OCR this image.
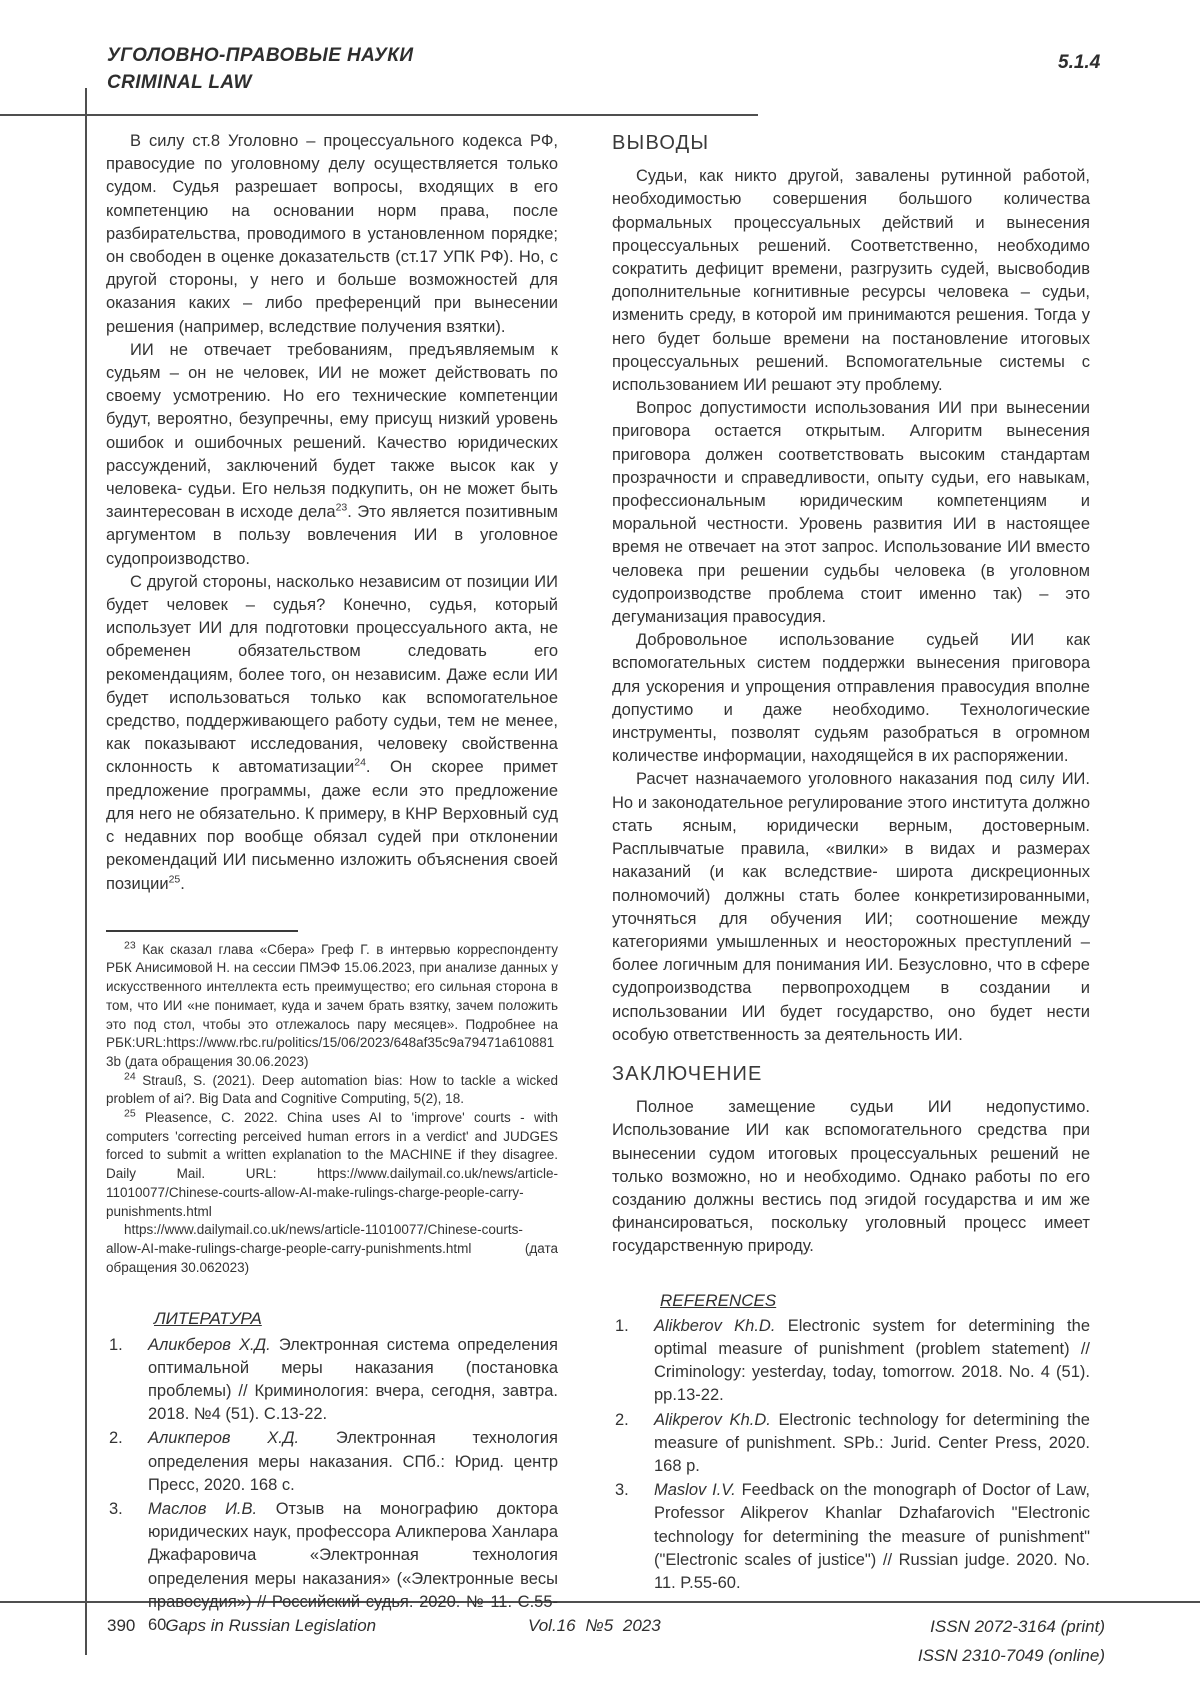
УГОЛОВНО-ПРАВОВЫЕ НАУКИ
CRIMINAL LAW
5.1.4

В силу ст.8 Уголовно – процессуального кодекса РФ, правосудие по уголовному делу осуществляется только судом. Судья разрешает вопросы, входящих в его компетенцию на основании норм права, после разбирательства, проводимого в установленном порядке; он свободен в оценке доказательств (ст.17 УПК РФ). Но, с другой стороны, у него и больше возможностей для оказания каких – либо преференций при вынесении решения (например, вследствие получения взятки).

ИИ не отвечает требованиям, предъявляемым к судьям – он не человек, ИИ не может действовать по своему усмотрению. Но его технические компетенции будут, вероятно, безупречны, ему присущ низкий уровень ошибок и ошибочных решений. Качество юридических рассуждений, заключений будет также высок как у человека- судьи. Его нельзя подкупить, он не может быть заинтересован в исходе дела$^{23}$. Это является позитивным аргументом в пользу вовлечения ИИ в уголовное судопроизводство.

С другой стороны, насколько независим от позиции ИИ будет человек – судья? Конечно, судья, который использует ИИ для подготовки процессуального акта, не обременен обязательством следовать его рекомендациям, более того, он независим. Даже если ИИ будет использоваться только как вспомогательное средство, поддерживающего работу судьи, тем не менее, как показывают исследования, человеку свойственна склонность к автоматизации$^{24}$. Он скорее примет предложение программы, даже если это предложение для него не обязательно. К примеру, в КНР Верховный суд с недавних пор вообще обязал судей при отклонении рекомендаций ИИ письменно изложить объяснения своей позиции$^{25}$.

$^{23}$ Как сказал глава «Сбера» Греф Г. в интервью корреспонденту РБК Анисимовой Н. на сессии ПМЭФ 15.06.2023, при анализе данных у искусственного интеллекта есть преимущество; его сильная сторона в том, что ИИ «не понимает, куда и зачем брать взятку, зачем положить это под стол, чтобы это отлежалось пару месяцев». Подробнее на РБК:URL:https://www.rbc.ru/politics/15/06/2023/648af35c9a79471a6108813b (дата обращения 30.06.2023)

$^{24}$ Strauß, S. (2021). Deep automation bias: How to tackle a wicked problem of ai?. Big Data and Cognitive Computing, 5(2), 18.

$^{25}$ Pleasence, C. 2022. China uses AI to 'improve' courts - with computers 'correcting perceived human errors in a verdict' and JUDGES forced to submit a written explanation to the MACHINE if they disagree. Daily Mail. URL: https://www.dailymail.co.uk/news/article-11010077/Chinese-courts-allow-AI-make-rulings-charge-people-carry-punishments.html

https://www.dailymail.co.uk/news/article-11010077/Chinese-courts-allow-AI-make-rulings-charge-people-carry-punishments.html (дата обращения 30.062023)

ЛИТЕРАТУРА

1.	Аликберов Х.Д. Электронная система определения оптимальной меры наказания (постановка проблемы) // Криминология: вчера, сегодня, завтра. 2018. №4 (51). С.13-22.
2.	Аликперов Х.Д. Электронная технология определения меры наказания. СПб.: Юрид. центр Пресс, 2020. 168 с.
3.	Маслов И.В. Отзыв на монографию доктора юридических наук, профессора Аликперова Ханлара Джафаровича «Электронная технология определения меры наказания» («Электронные весы правосудия») // Российский судья. 2020. № 11. С.55-60.
ВЫВОДЫ

Судьи, как никто другой, завалены рутинной работой, необходимостью совершения большого количества формальных процессуальных действий и вынесения процессуальных решений. Соответственно, необходимо сократить дефицит времени, разгрузить судей, высвободив дополнительные когнитивные ресурсы человека – судьи, изменить среду, в которой им принимаются решения. Тогда у него будет больше времени на постановление итоговых процессуальных решений. Вспомогательные системы с использованием ИИ решают эту проблему.

Вопрос допустимости использования ИИ при вынесении приговора остается открытым. Алгоритм вынесения приговора должен соответствовать высоким стандартам прозрачности и справедливости, опыту судьи, его навыкам, профессиональным юридическим компетенциям и моральной честности. Уровень развития ИИ в настоящее время не отвечает на этот запрос. Использование ИИ вместо человека при решении судьбы человека (в уголовном судопроизводстве проблема стоит именно так) – это дегуманизация правосудия.

Добровольное использование судьей ИИ как вспомогательных систем поддержки вынесения приговора для ускорения и упрощения отправления правосудия вполне допустимо и даже необходимо. Технологические инструменты, позволят судьям разобраться в огромном количестве информации, находящейся в их распоряжении.

Расчет назначаемого уголовного наказания под силу ИИ. Но и законодательное регулирование этого института должно стать ясным, юридически верным, достоверным. Расплывчатые правила, «вилки» в видах и размерах наказаний (и как вследствие- широта дискреционных полномочий) должны стать более конкретизированными, уточняться для обучения ИИ; соотношение между категориями умышленных и неосторожных преступлений – более логичным для понимания ИИ. Безусловно, что в сфере судопроизводства первопроходцем в создании и использовании ИИ будет государство, оно будет нести особую ответственность за деятельность ИИ.

ЗАКЛЮЧЕНИЕ

Полное замещение судьи ИИ недопустимо. Использование ИИ как вспомогательного средства при вынесении судом итоговых процессуальных решений не только возможно, но и необходимо. Однако работы по его созданию должны вестись под эгидой государства и им же финансироваться, поскольку уголовный процесс имеет государственную природу.

REFERENCES

1.	Alikberov Kh.D. Electronic system for determining the optimal measure of punishment (problem statement) // Criminology: yesterday, today, tomorrow. 2018. No. 4 (51). pp.13-22.
2.	Alikperov Kh.D. Electronic technology for determining the measure of punishment. SPb.: Jurid. Center Press, 2020. 168 p.
3.	Maslov I.V. Feedback on the monograph of Doctor of Law, Professor Alikperov Khanlar Dzhafarovich "Electronic technology for determining the measure of punishment" ("Electronic scales of justice") // Russian judge. 2020. No. 11. P.55-60.
390 Gaps in Russian Legislation	Vol.16 №5 2023	ISSN 2072-3164 (print)
ISSN 2310-7049 (online)
